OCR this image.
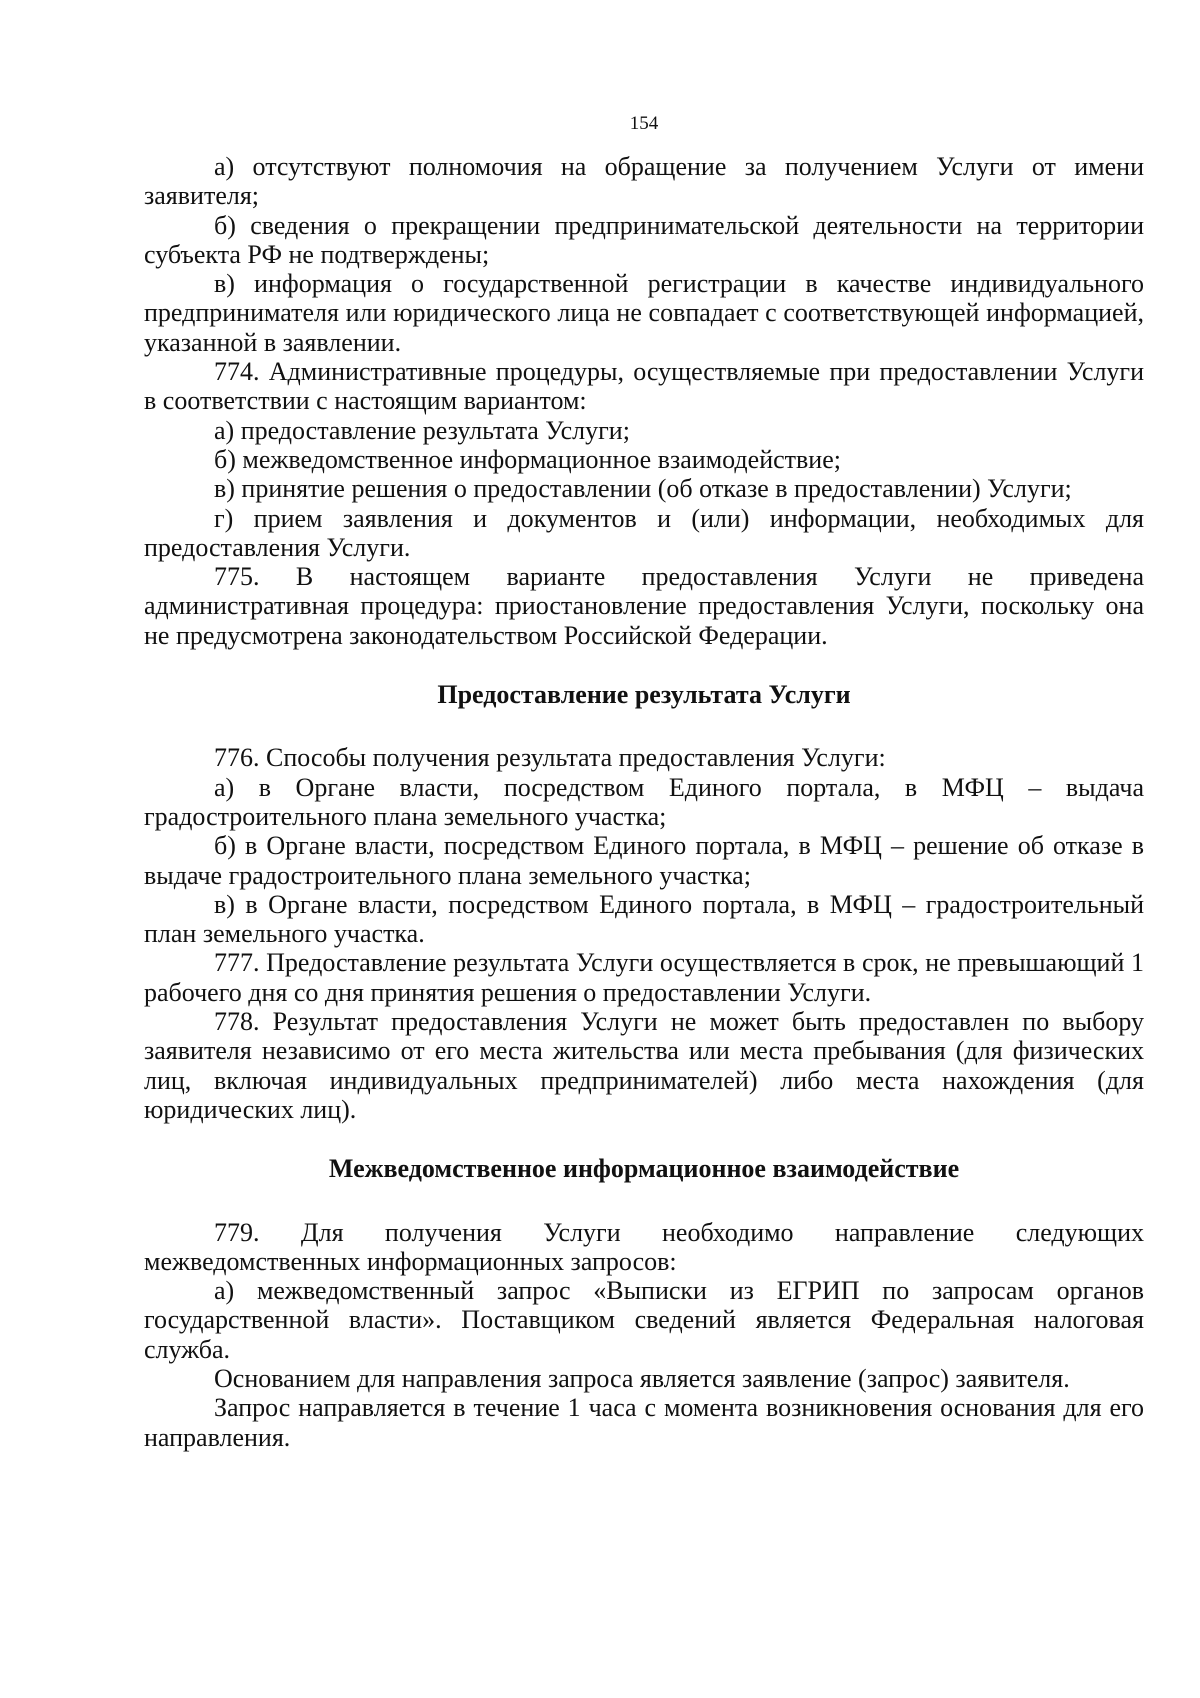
154

а) отсутствуют полномочия на обращение за получением Услуги от имени заявителя;

б) сведения о прекращении предпринимательской деятельности на территории субъекта РФ не подтверждены;

в) информация о государственной регистрации в качестве индивидуального предпринимателя или юридического лица не совпадает с соответствующей информацией, указанной в заявлении.

774. Административные процедуры, осуществляемые при предоставлении Услуги в соответствии с настоящим вариантом:

а) предоставление результата Услуги;

б) межведомственное информационное взаимодействие;

в) принятие решения о предоставлении (об отказе в предоставлении) Услуги;

г) прием заявления и документов и (или) информации, необходимых для предоставления Услуги.

775. В настоящем варианте предоставления Услуги не приведена административная процедура: приостановление предоставления Услуги, поскольку она не предусмотрена законодательством Российской Федерации.

Предоставление результата Услуги

776. Способы получения результата предоставления Услуги:

а) в Органе власти, посредством Единого портала, в МФЦ – выдача градостроительного плана земельного участка;

б) в Органе власти, посредством Единого портала, в МФЦ – решение об отказе в выдаче градостроительного плана земельного участка;

в) в Органе власти, посредством Единого портала, в МФЦ – градостроительный план земельного участка.

777. Предоставление результата Услуги осуществляется в срок, не превышающий 1 рабочего дня со дня принятия решения о предоставлении Услуги.

778. Результат предоставления Услуги не может быть предоставлен по выбору заявителя независимо от его места жительства или места пребывания (для физических лиц, включая индивидуальных предпринимателей) либо места нахождения (для юридических лиц).

Межведомственное информационное взаимодействие

779. Для получения Услуги необходимо направление следующих межведомственных информационных запросов:

а) межведомственный запрос «Выписки из ЕГРИП по запросам органов государственной власти». Поставщиком сведений является Федеральная налоговая служба.

Основанием для направления запроса является заявление (запрос) заявителя.

Запрос направляется в течение 1 часа с момента возникновения основания для его направления.
